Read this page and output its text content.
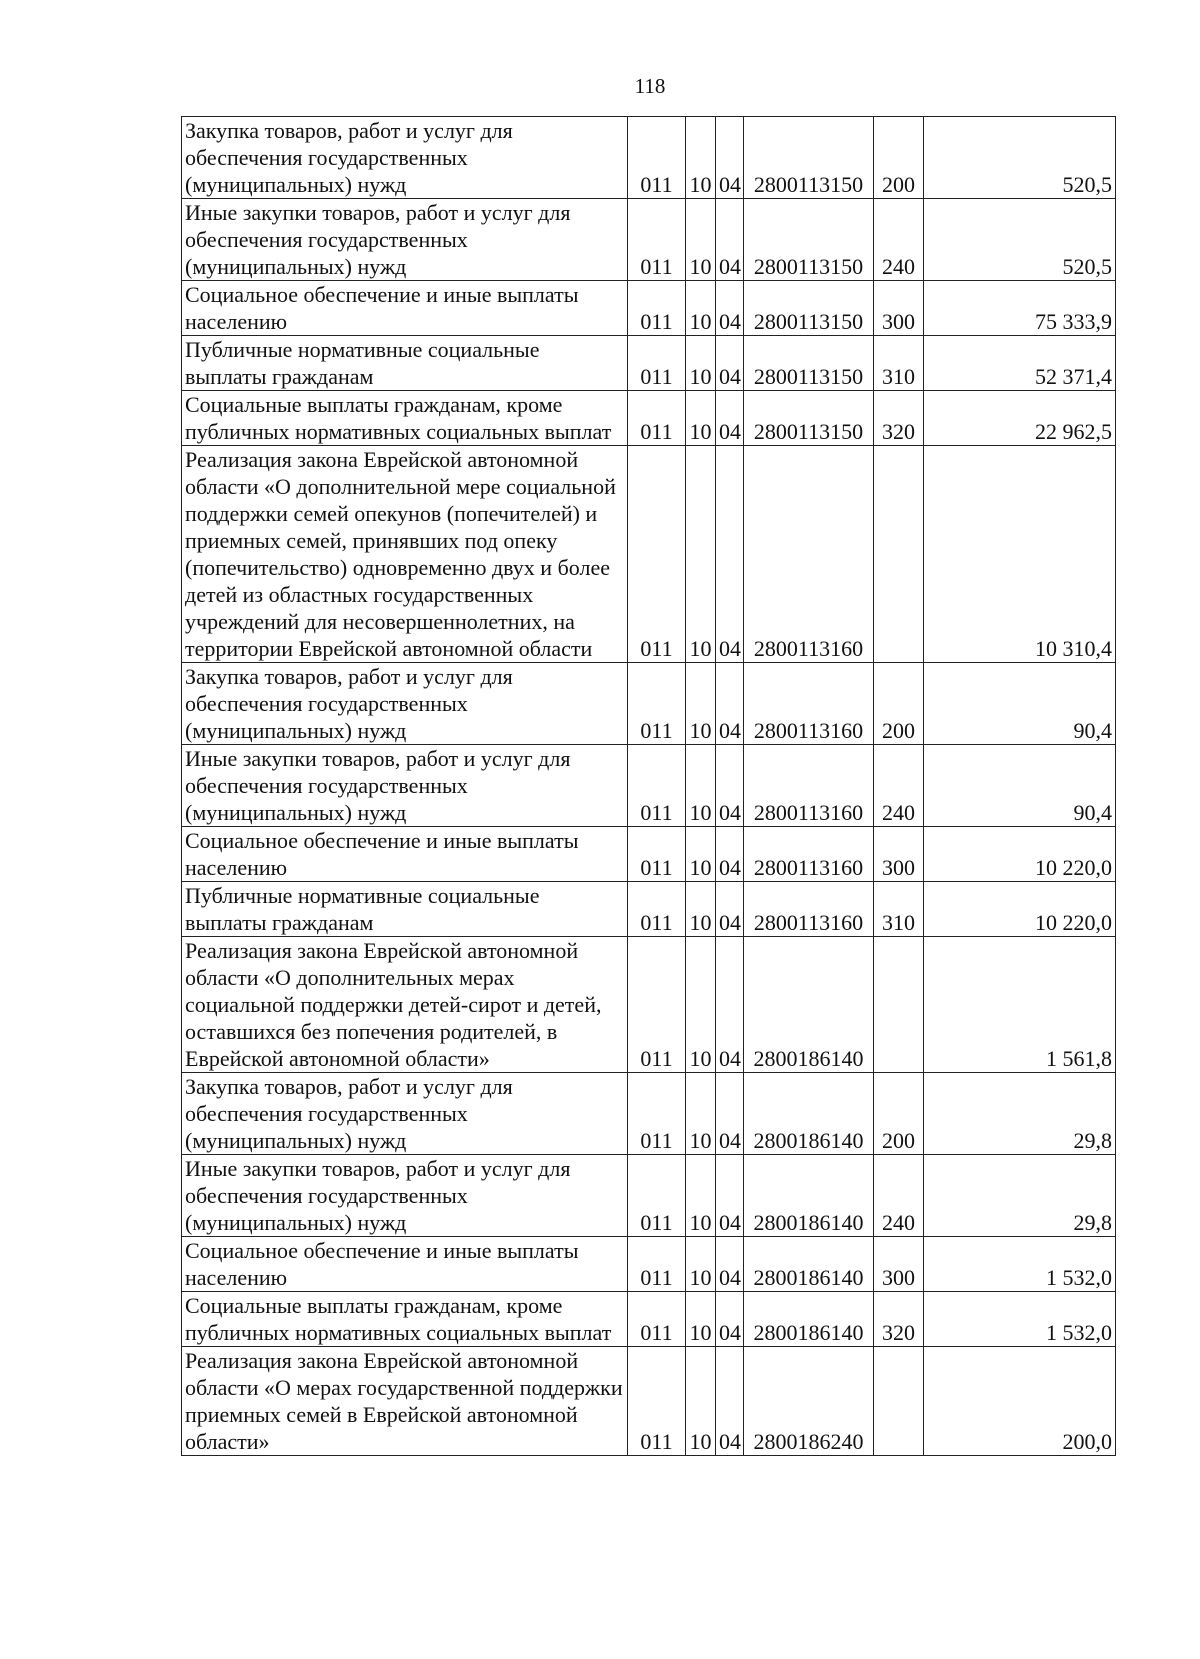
118
Закупка товаров, работ и услуг для обеспечения государственных (муниципальных) нужд	011	10	04	2800113150	200	520,5
Иные закупки товаров, работ и услуг для обеспечения государственных (муниципальных) нужд	011	10	04	2800113150	240	520,5
Социальное обеспечение и иные выплаты населению	011	10	04	2800113150	300	75 333,9
Публичные нормативные социальные выплаты гражданам	011	10	04	2800113150	310	52 371,4
Социальные выплаты гражданам, кроме публичных нормативных социальных выплат	011	10	04	2800113150	320	22 962,5
Реализация закона Еврейской автономной области «О дополнительной мере социальной поддержки семей опекунов (попечителей) и приемных семей, принявших под опеку (попечительство) одновременно двух и более детей из областных государственных учреждений для несовершеннолетних, на территории Еврейской автономной области	011	10	04	2800113160		10 310,4
Закупка товаров, работ и услуг для обеспечения государственных (муниципальных) нужд	011	10	04	2800113160	200	90,4
Иные закупки товаров, работ и услуг для обеспечения государственных (муниципальных) нужд	011	10	04	2800113160	240	90,4
Социальное обеспечение и иные выплаты населению	011	10	04	2800113160	300	10 220,0
Публичные нормативные социальные выплаты гражданам	011	10	04	2800113160	310	10 220,0
Реализация закона Еврейской автономной области «О дополнительных мерах социальной поддержки детей-сирот и детей, оставшихся без попечения родителей, в Еврейской автономной области»	011	10	04	2800186140		1 561,8
Закупка товаров, работ и услуг для обеспечения государственных (муниципальных) нужд	011	10	04	2800186140	200	29,8
Иные закупки товаров, работ и услуг для обеспечения государственных (муниципальных) нужд	011	10	04	2800186140	240	29,8
Социальное обеспечение и иные выплаты населению	011	10	04	2800186140	300	1 532,0
Социальные выплаты гражданам, кроме публичных нормативных социальных выплат	011	10	04	2800186140	320	1 532,0
Реализация закона Еврейской автономной области «О мерах государственной поддержки приемных семей в Еврейской автономной области»	011	10	04	2800186240		200,0
